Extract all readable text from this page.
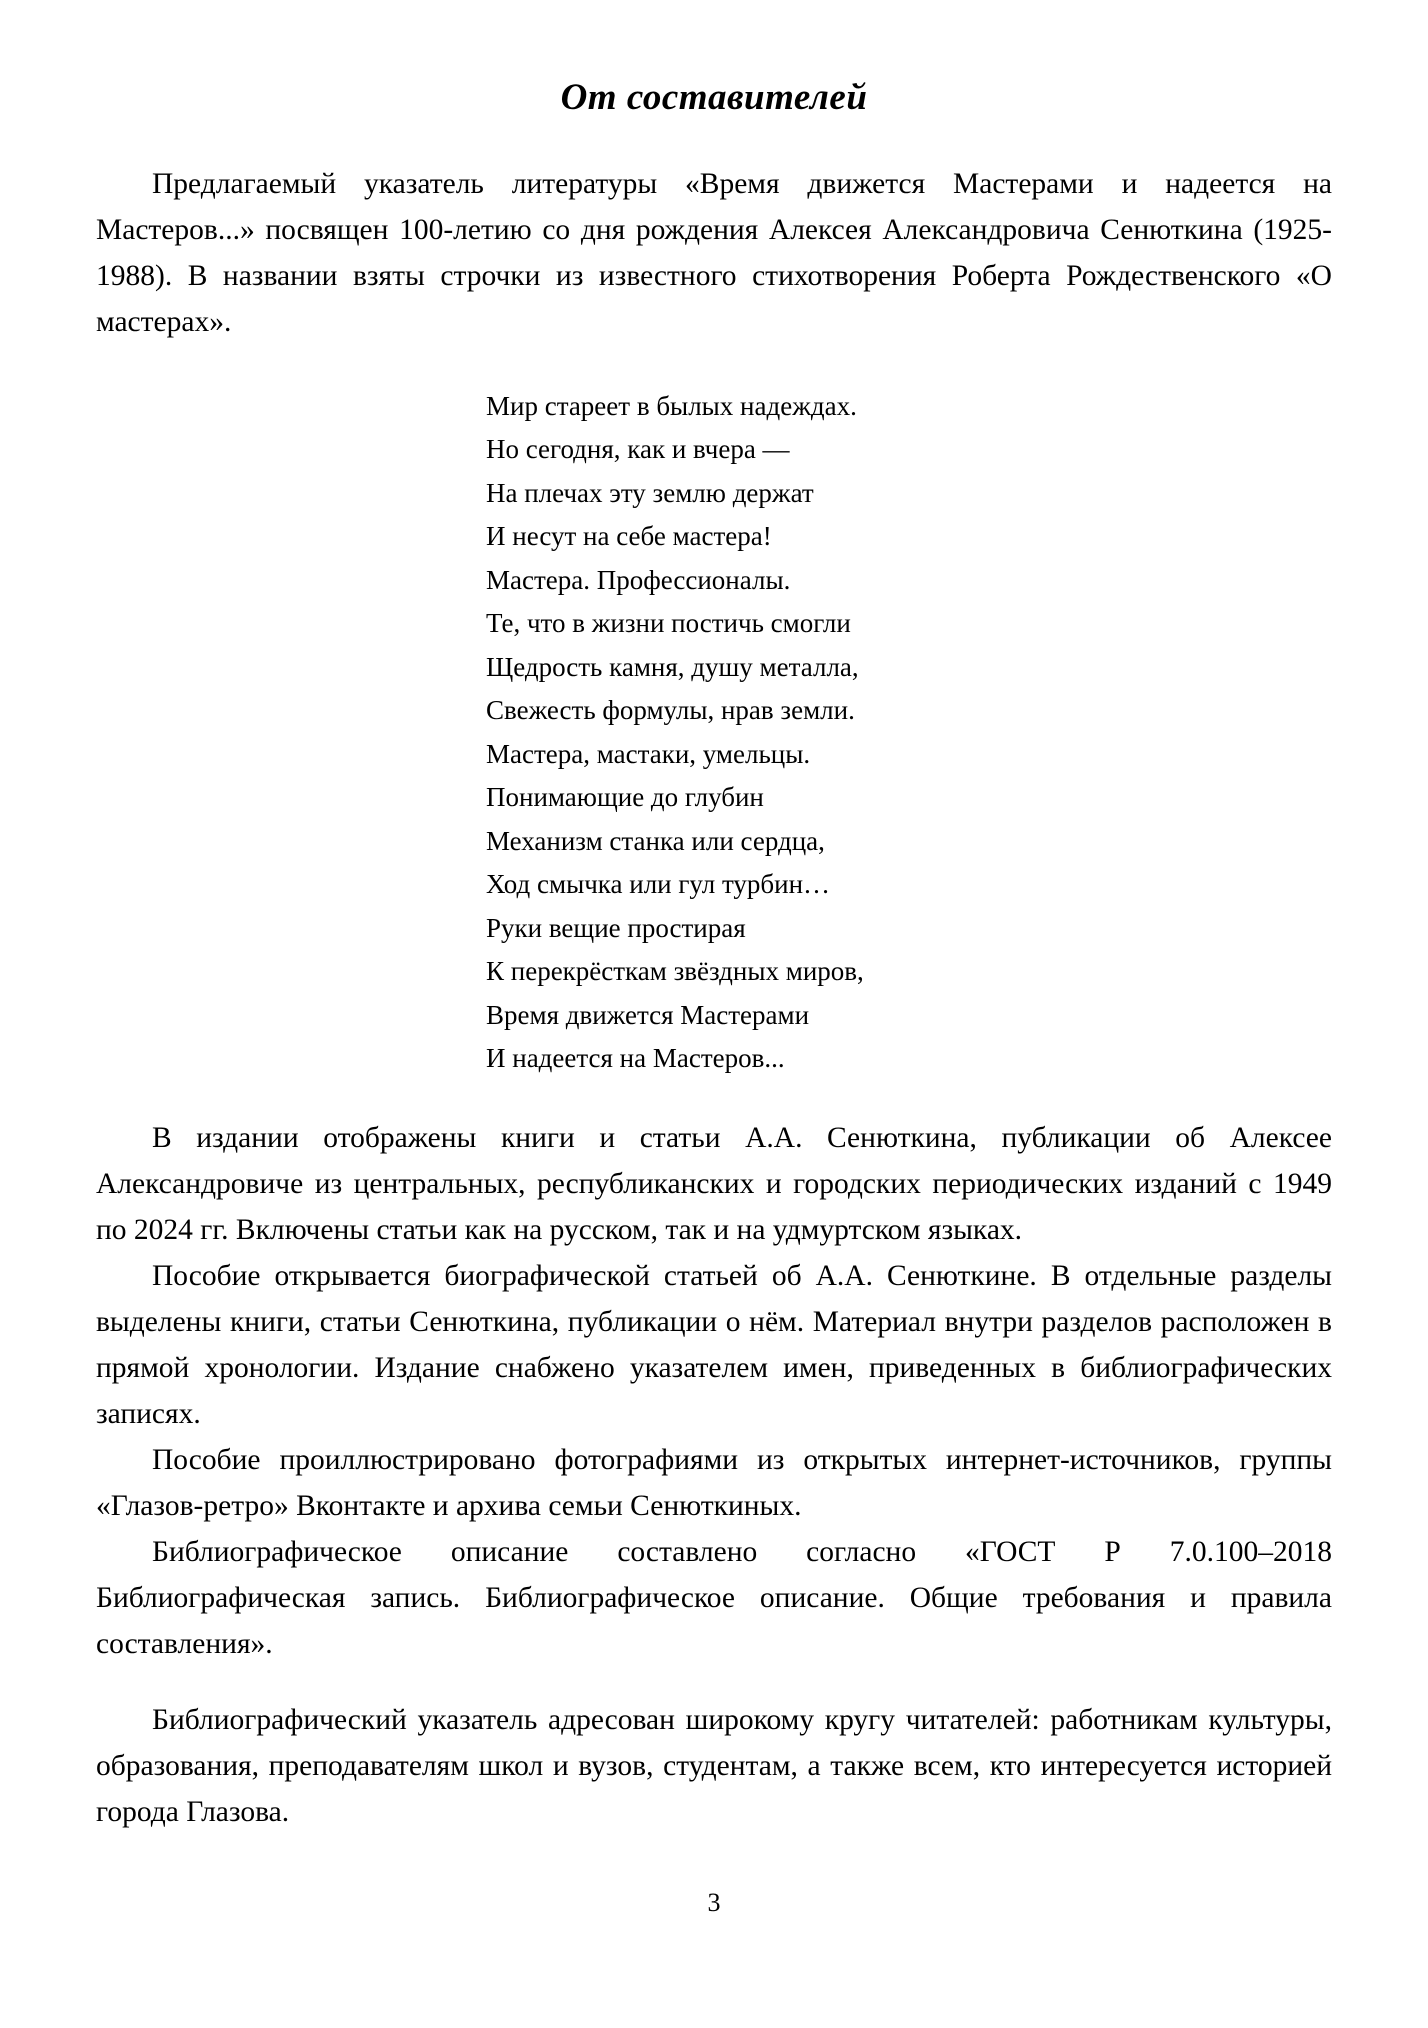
От составителей

Предлагаемый указатель литературы «Время движется Мастерами и надеется на Мастеров...» посвящен 100-летию со дня рождения Алексея Александровича Сенюткина (1925-1988). В названии взяты строчки из известного стихотворения Роберта Рождественского «О мастерах».

Мир стареет в былых надеждах.
Но сегодня, как и вчера —
На плечах эту землю держат
И несут на себе мастера!
Мастера. Профессионалы.
Те, что в жизни постичь смогли
Щедрость камня, душу металла,
Свежесть формулы, нрав земли.
Мастера, мастаки, умельцы.
Понимающие до глубин
Механизм станка или сердца,
Ход смычка или гул турбин…
Руки вещие простирая
К перекрёсткам звёздных миров,
Время движется Мастерами
И надеется на Мастеров...

В издании отображены книги и статьи А.А. Сенюткина, публикации об Алексее Александровиче из центральных, республиканских и городских периодических изданий с 1949 по 2024 гг. Включены статьи как на русском, так и на удмуртском языках.

Пособие открывается биографической статьей об А.А. Сенюткине. В отдельные разделы выделены книги, статьи Сенюткина, публикации о нём. Материал внутри разделов расположен в прямой хронологии. Издание снабжено указателем имен, приведенных в библиографических записях.

Пособие проиллюстрировано фотографиями из открытых интернет-источников, группы «Глазов-ретро» Вконтакте и архива семьи Сенюткиных.

Библиографическое описание составлено согласно «ГОСТ Р 7.0.100–2018 Библиографическая запись. Библиографическое описание. Общие требования и правила составления».

Библиографический указатель адресован широкому кругу читателей: работникам культуры, образования, преподавателям школ и вузов, студентам, а также всем, кто интересуется историей города Глазова.

3
